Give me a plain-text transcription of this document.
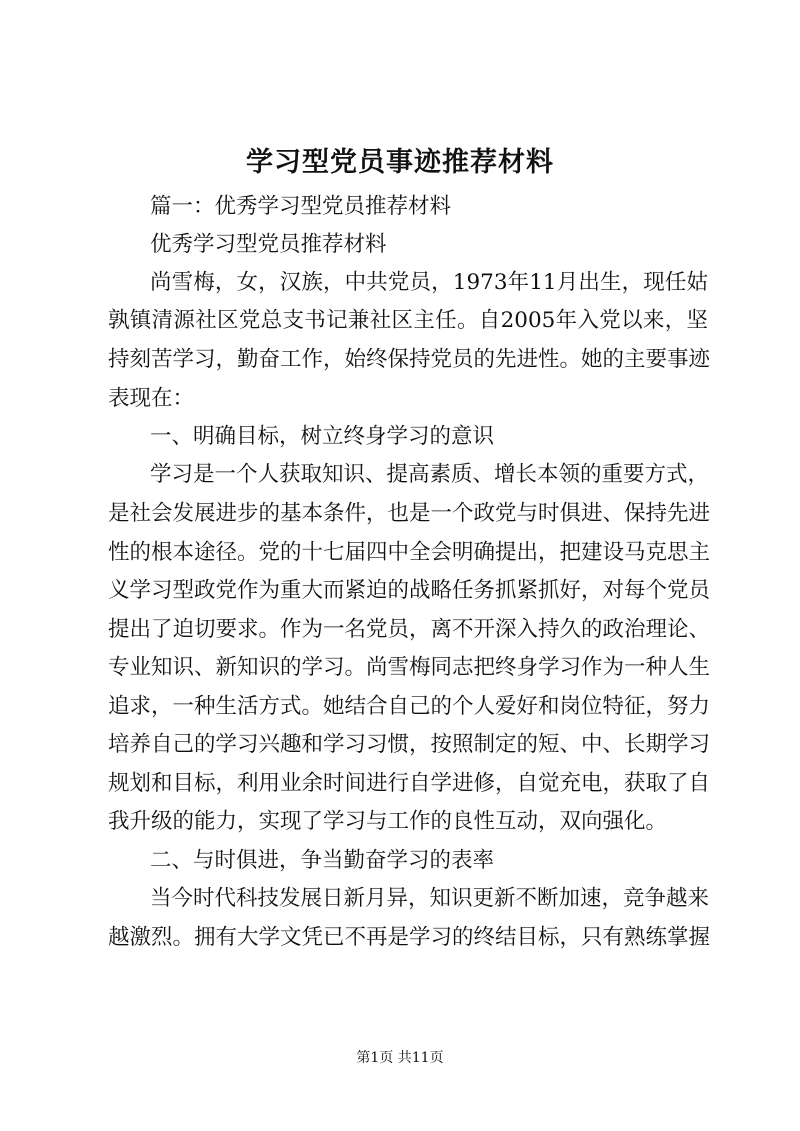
学习型党员事迹推荐材料

篇一：优秀学习型党员推荐材料

优秀学习型党员推荐材料

尚雪梅，女，汉族，中共党员，1973年11月出生，现任姑

孰镇清源社区党总支书记兼社区主任。自2005年入党以来，坚

持刻苦学习，勤奋工作，始终保持党员的先进性。她的主要事迹

表现在：

一、明确目标，树立终身学习的意识

学习是一个人获取知识、提高素质、增长本领的重要方式，

是社会发展进步的基本条件，也是一个政党与时俱进、保持先进

性的根本途径。党的十七届四中全会明确提出，把建设马克思主

义学习型政党作为重大而紧迫的战略任务抓紧抓好，对每个党员

提出了迫切要求。作为一名党员，离不开深入持久的政治理论、

专业知识、新知识的学习。尚雪梅同志把终身学习作为一种人生

追求，一种生活方式。她结合自己的个人爱好和岗位特征，努力

培养自己的学习兴趣和学习习惯，按照制定的短、中、长期学习

规划和目标，利用业余时间进行自学进修，自觉充电，获取了自

我升级的能力，实现了学习与工作的良性互动，双向强化。

二、与时俱进，争当勤奋学习的表率

当今时代科技发展日新月异，知识更新不断加速，竞争越来

越激烈。拥有大学文凭已不再是学习的终结目标，只有熟练掌握

第1页 共11页
